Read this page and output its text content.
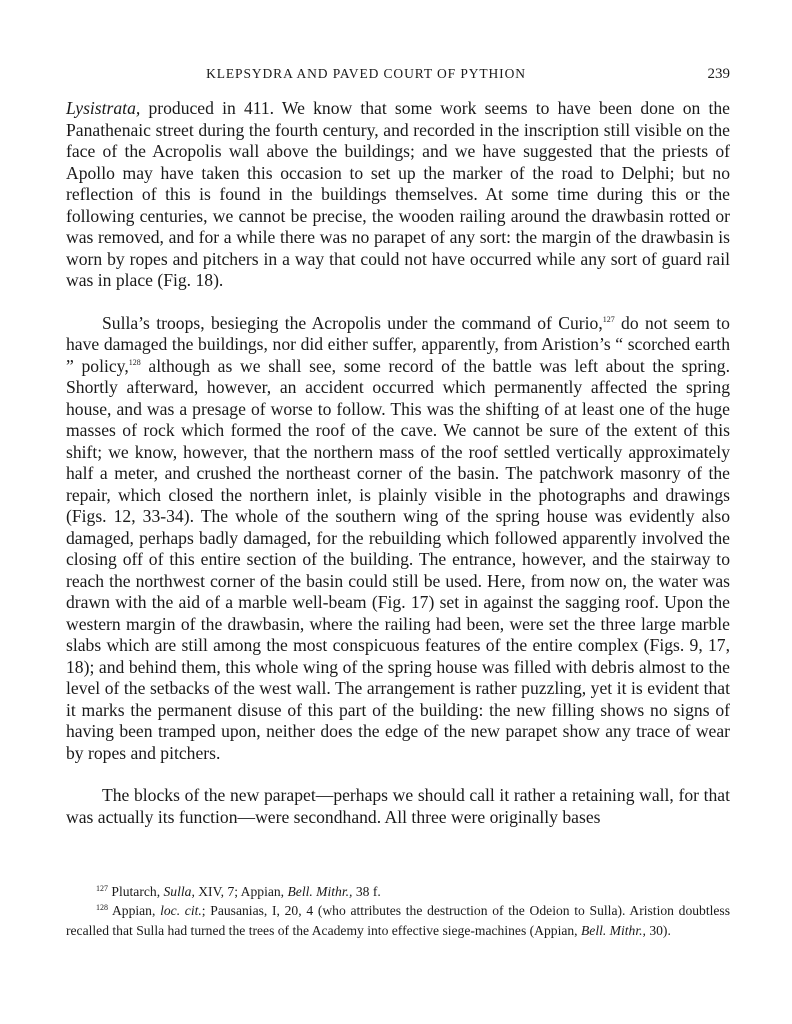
KLEPSYDRA AND PAVED COURT OF PYTHION	239

Lysistrata, produced in 411. We know that some work seems to have been done on the Panathenaic street during the fourth century, and recorded in the inscription still visible on the face of the Acropolis wall above the buildings; and we have suggested that the priests of Apollo may have taken this occasion to set up the marker of the road to Delphi; but no reflection of this is found in the buildings themselves. At some time during this or the following centuries, we cannot be precise, the wooden railing around the drawbasin rotted or was removed, and for a while there was no parapet of any sort: the margin of the drawbasin is worn by ropes and pitchers in a way that could not have occurred while any sort of guard rail was in place (Fig. 18).

Sulla’s troops, besieging the Acropolis under the command of Curio,$^{127}$ do not seem to have damaged the buildings, nor did either suffer, apparently, from Aristion’s “ scorched earth ” policy,$^{128}$ although as we shall see, some record of the battle was left about the spring. Shortly afterward, however, an accident occurred which permanently affected the spring house, and was a presage of worse to follow. This was the shifting of at least one of the huge masses of rock which formed the roof of the cave. We cannot be sure of the extent of this shift; we know, however, that the northern mass of the roof settled vertically approximately half a meter, and crushed the northeast corner of the basin. The patchwork masonry of the repair, which closed the northern inlet, is plainly visible in the photographs and drawings (Figs. 12, 33-34). The whole of the southern wing of the spring house was evidently also damaged, perhaps badly damaged, for the rebuilding which followed apparently involved the closing off of this entire section of the building. The entrance, however, and the stairway to reach the northwest corner of the basin could still be used. Here, from now on, the water was drawn with the aid of a marble well-beam (Fig. 17) set in against the sagging roof. Upon the western margin of the drawbasin, where the railing had been, were set the three large marble slabs which are still among the most conspicuous features of the entire complex (Figs. 9, 17, 18); and behind them, this whole wing of the spring house was filled with debris almost to the level of the setbacks of the west wall. The arrangement is rather puzzling, yet it is evident that it marks the permanent disuse of this part of the building: the new filling shows no signs of having been tramped upon, neither does the edge of the new parapet show any trace of wear by ropes and pitchers.

The blocks of the new parapet—perhaps we should call it rather a retaining wall, for that was actually its function—were secondhand. All three were originally bases

$^{127}$ Plutarch, Sulla, XIV, 7; Appian, Bell. Mithr., 38 f.

$^{128}$ Appian, loc. cit.; Pausanias, I, 20, 4 (who attributes the destruction of the Odeion to Sulla). Aristion doubtless recalled that Sulla had turned the trees of the Academy into effective siege-machines (Appian, Bell. Mithr., 30).
